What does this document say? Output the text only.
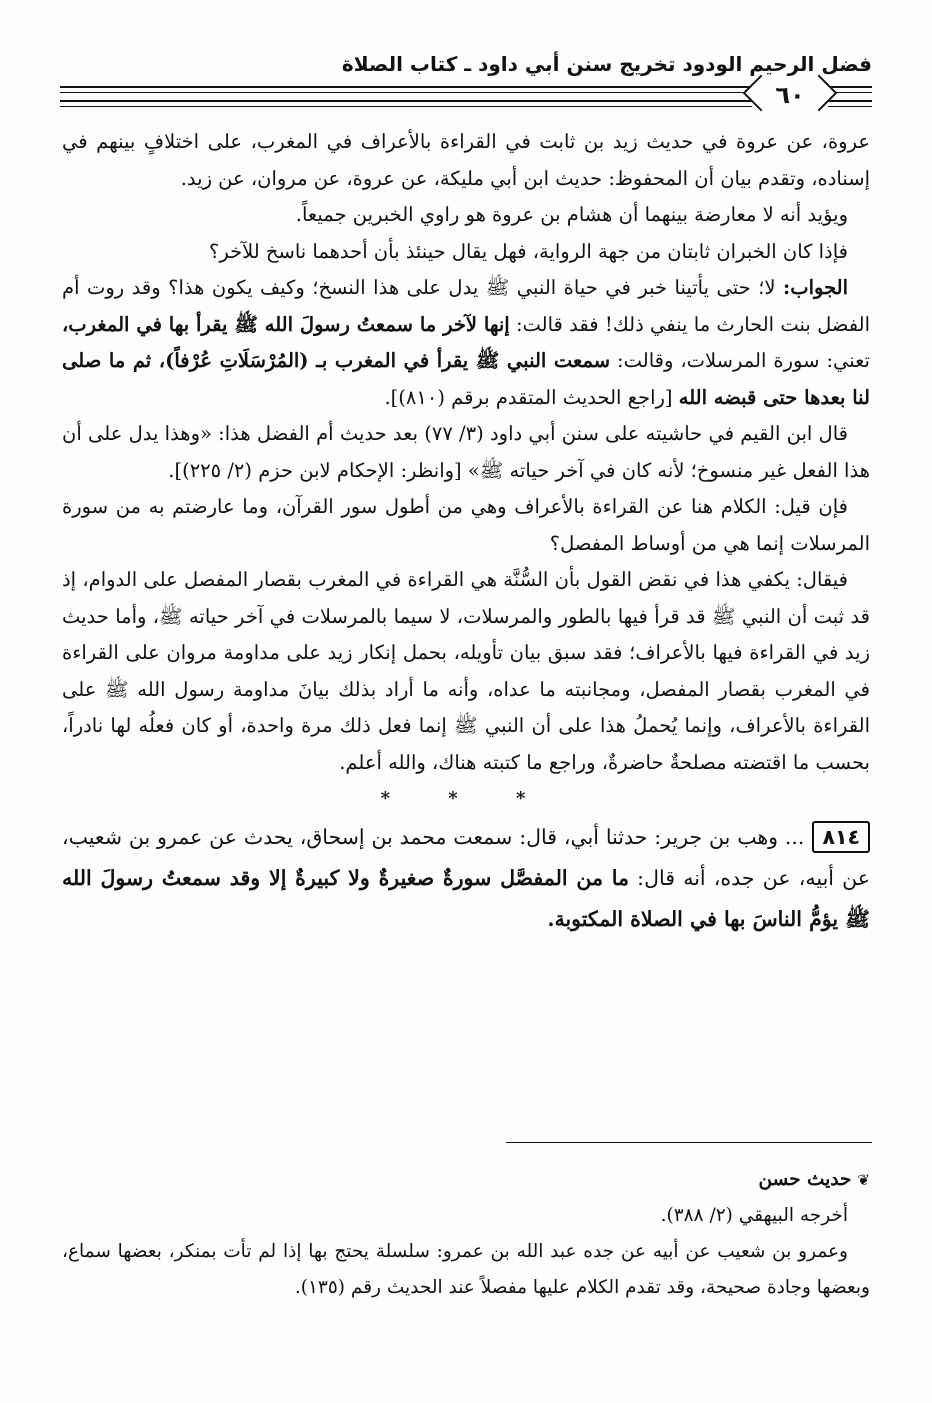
فضل الرحيم الودود تخريج سنن أبي داود ـ كتاب الصلاة
٦٠

عروة، عن عروة في حديث زيد بن ثابت في القراءة بالأعراف في المغرب، على اختلافٍ بينهم في إسناده، وتقدم بيان أن المحفوظ: حديث ابن أبي مليكة، عن عروة، عن مروان، عن زيد.

ويؤيد أنه لا معارضة بينهما أن هشام بن عروة هو راوي الخبرين جميعاً.

فإذا كان الخبران ثابتان من جهة الرواية، فهل يقال حينئذ بأن أحدهما ناسخ للآخر؟

الجواب: لا؛ حتى يأتينا خبر في حياة النبي ﷺ يدل على هذا النسخ؛ وكيف يكون هذا؟ وقد روت أم الفضل بنت الحارث ما ينفي ذلك! فقد قالت: إنها لآخر ما سمعتُ رسولَ الله ﷺ يقرأ بها في المغرب، تعني: سورة المرسلات، وقالت: سمعت النبي ﷺ يقرأ في المغرب بـ (المُرْسَلَاتِ عُرْفاً)، ثم ما صلى لنا بعدها حتى قبضه الله [راجع الحديث المتقدم برقم (٨١٠)].

قال ابن القيم في حاشيته على سنن أبي داود (٣/ ٧٧) بعد حديث أم الفضل هذا: «وهذا يدل على أن هذا الفعل غير منسوخ؛ لأنه كان في آخر حياته ﷺ» [وانظر: الإحكام لابن حزم (٢/ ٢٢٥)].

فإن قيل: الكلام هنا عن القراءة بالأعراف وهي من أطول سور القرآن، وما عارضتم به من سورة المرسلات إنما هي من أوساط المفصل؟

فيقال: يكفي هذا في نقض القول بأن السُّنَّة هي القراءة في المغرب بقصار المفصل على الدوام، إذ قد ثبت أن النبي ﷺ قد قرأ فيها بالطور والمرسلات، لا سيما بالمرسلات في آخر حياته ﷺ، وأما حديث زيد في القراءة فيها بالأعراف؛ فقد سبق بيان تأويله، بحمل إنكار زيد على مداومة مروان على القراءة في المغرب بقصار المفصل، ومجانبته ما عداه، وأنه ما أراد بذلك بيانَ مداومة رسول الله ﷺ على القراءة بالأعراف، وإنما يُحملُ هذا على أن النبي ﷺ إنما فعل ذلك مرة واحدة، أو كان فعلُه لها نادراً، بحسب ما اقتضته مصلحةٌ حاضرةٌ، وراجع ما كتبته هناك، والله أعلم.

* * *

٨١٤... وهب بن جرير: حدثنا أبي، قال: سمعت محمد بن إسحاق، يحدث عن عمرو بن شعيب، عن أبيه، عن جده، أنه قال: ما من المفصَّل سورةٌ صغيرةٌ ولا كبيرةٌ إلا وقد سمعتُ رسولَ الله ﷺ يؤمُّ الناسَ بها في الصلاة المكتوبة.

❦حديث حسن

أخرجه البيهقي (٢/ ٣٨٨).

وعمرو بن شعيب عن أبيه عن جده عبد الله بن عمرو: سلسلة يحتج بها إذا لم تأت بمنكر، بعضها سماع، وبعضها وجادة صحيحة، وقد تقدم الكلام عليها مفصلاً عند الحديث رقم (١٣٥).
